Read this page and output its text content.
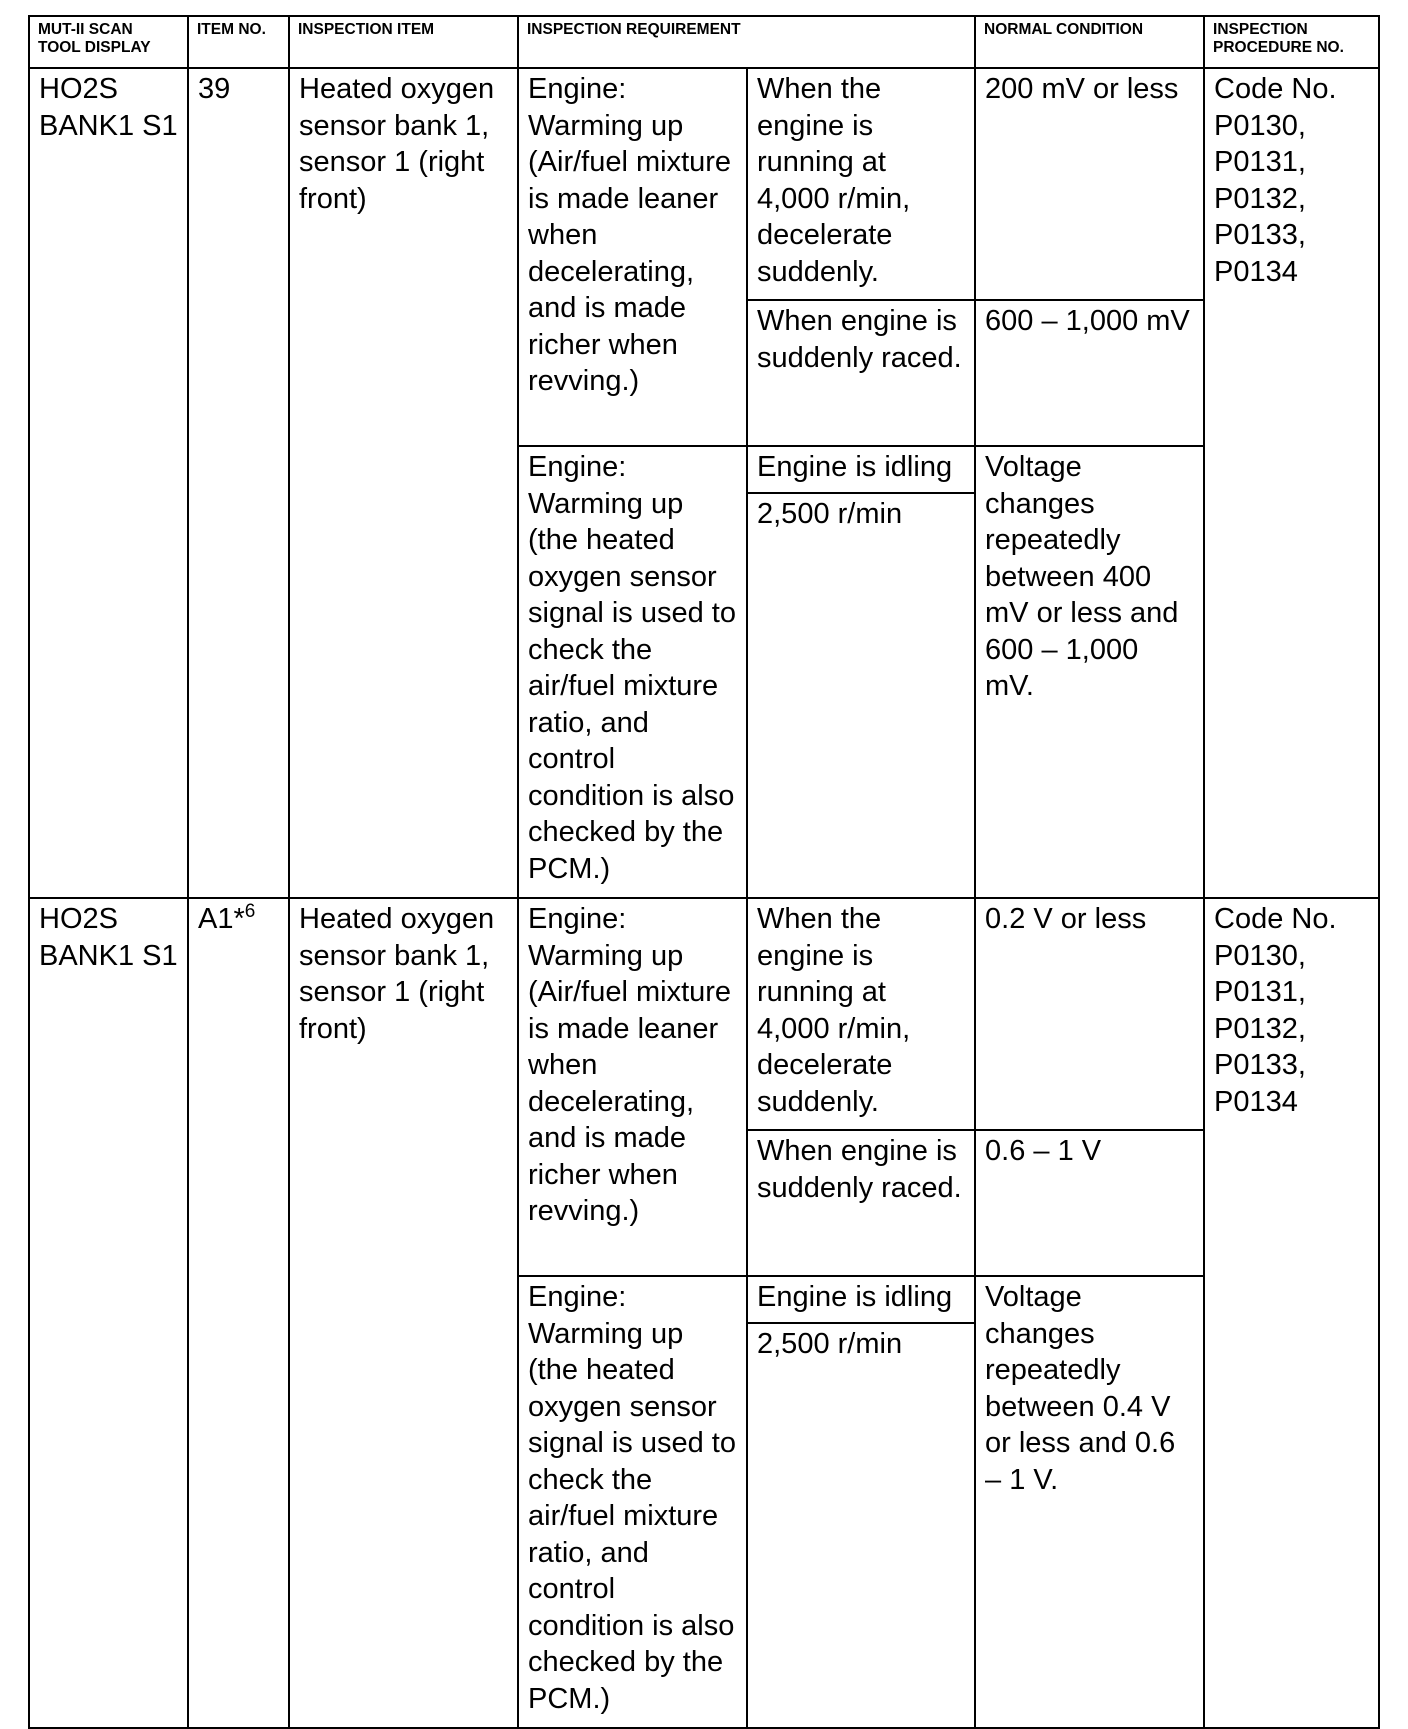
MUT-II SCAN TOOL DISPLAY	ITEM NO.	INSPECTION ITEM	INSPECTION REQUIREMENT		NORMAL CONDITION	INSPECTION PROCEDURE NO.
HO2S BANK1 S1	39	Heated oxygen sensor bank 1, sensor 1 (right front)	Engine: Warming up (Air/fuel mixture is made leaner when decelerating, and is made richer when revving.)	When the engine is running at 4,000 r/min, decelerate suddenly.	200 mV or less	Code No. P0130, P0131, P0132, P0133, P0134
				When engine is suddenly raced.	600 – 1,000 mV	
			Engine: Warming up (the heated oxygen sensor signal is used to check the air/fuel mixture ratio, and control condition is also checked by the PCM.)	Engine is idling	Voltage changes repeatedly between 400 mV or less and 600 – 1,000 mV.	
				2,500 r/min		
HO2S BANK1 S1	A1*$^6$	Heated oxygen sensor bank 1, sensor 1 (right front)	Engine: Warming up (Air/fuel mixture is made leaner when decelerating, and is made richer when revving.)	When the engine is running at 4,000 r/min, decelerate suddenly.	0.2 V or less	Code No. P0130, P0131, P0132, P0133, P0134
				When engine is suddenly raced.	0.6 – 1 V	
			Engine: Warming up (the heated oxygen sensor signal is used to check the air/fuel mixture ratio, and control condition is also checked by the PCM.)	Engine is idling	Voltage changes repeatedly between 0.4 V or less and 0.6 – 1 V.	
				2,500 r/min		
